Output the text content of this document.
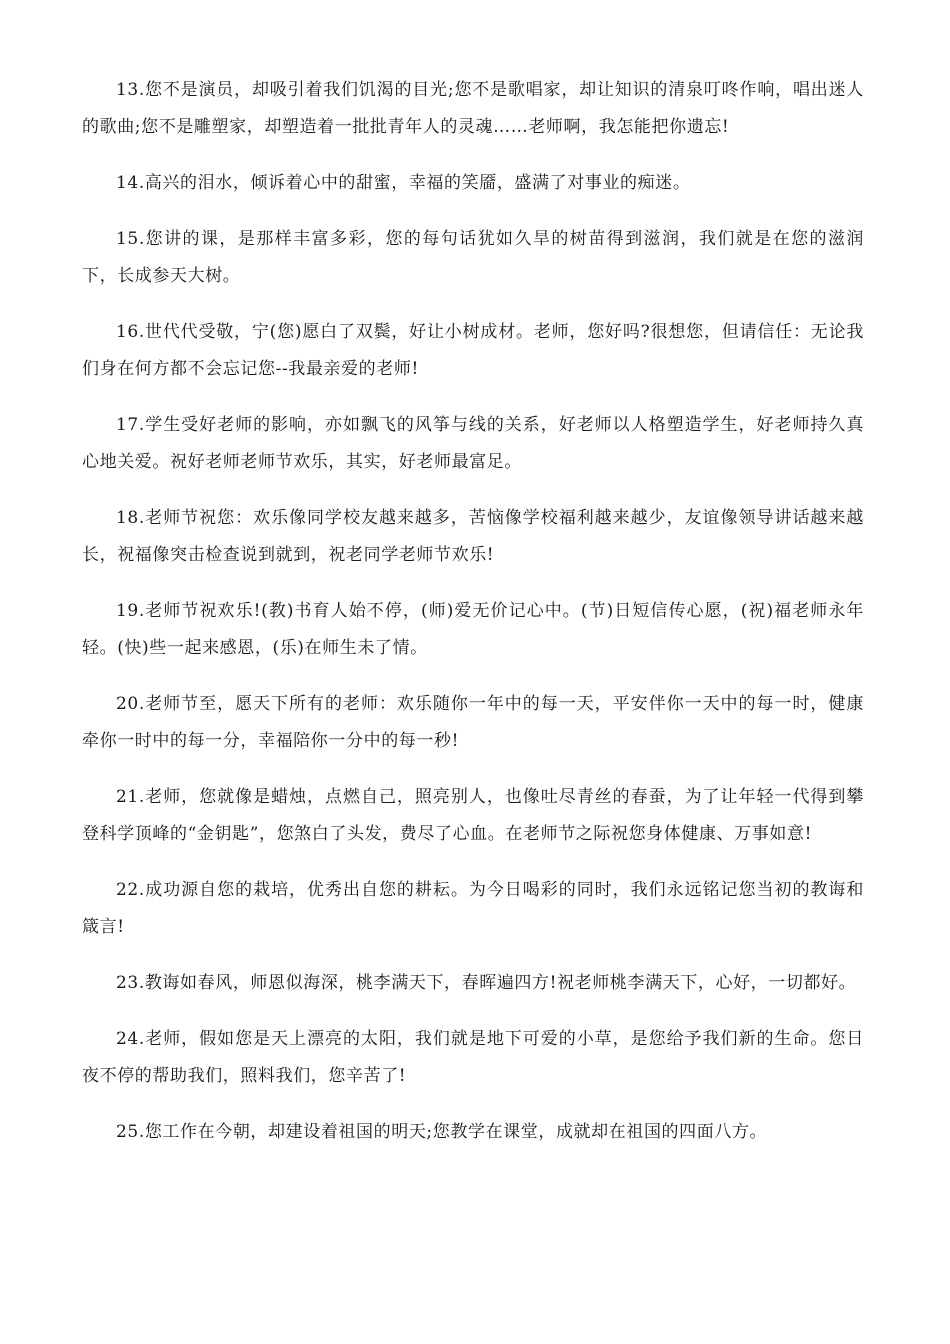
13.您不是演员，却吸引着我们饥渴的目光;您不是歌唱家，却让知识的清泉叮咚作响，唱出迷人的歌曲;您不是雕塑家，却塑造着一批批青年人的灵魂……老师啊，我怎能把你遗忘!

14.高兴的泪水，倾诉着心中的甜蜜，幸福的笑靥，盛满了对事业的痴迷。

15.您讲的课，是那样丰富多彩，您的每句话犹如久旱的树苗得到滋润，我们就是在您的滋润下，长成参天大树。

16.世代代受敬，宁(您)愿白了双鬓，好让小树成材。老师，您好吗?很想您，但请信任：无论我们身在何方都不会忘记您--我最亲爱的老师!

17.学生受好老师的影响，亦如飘飞的风筝与线的关系，好老师以人格塑造学生，好老师持久真心地关爱。祝好老师老师节欢乐，其实，好老师最富足。

18.老师节祝您：欢乐像同学校友越来越多，苦恼像学校福利越来越少，友谊像领导讲话越来越长，祝福像突击检查说到就到，祝老同学老师节欢乐!

19.老师节祝欢乐!(教)书育人始不停，(师)爱无价记心中。(节)日短信传心愿，(祝)福老师永年轻。(快)些一起来感恩，(乐)在师生未了情。

20.老师节至，愿天下所有的老师：欢乐随你一年中的每一天，平安伴你一天中的每一时，健康牵你一时中的每一分，幸福陪你一分中的每一秒!

21.老师，您就像是蜡烛，点燃自己，照亮别人，也像吐尽青丝的春蚕，为了让年轻一代得到攀登科学顶峰的“金钥匙”，您煞白了头发，费尽了心血。在老师节之际祝您身体健康、万事如意!

22.成功源自您的栽培，优秀出自您的耕耘。为今日喝彩的同时，我们永远铭记您当初的教诲和箴言!

23.教诲如春风，师恩似海深，桃李满天下，春晖遍四方!祝老师桃李满天下，心好，一切都好。

24.老师，假如您是天上漂亮的太阳，我们就是地下可爱的小草，是您给予我们新的生命。您日夜不停的帮助我们，照料我们，您辛苦了!

25.您工作在今朝，却建设着祖国的明天;您教学在课堂，成就却在祖国的四面八方。
